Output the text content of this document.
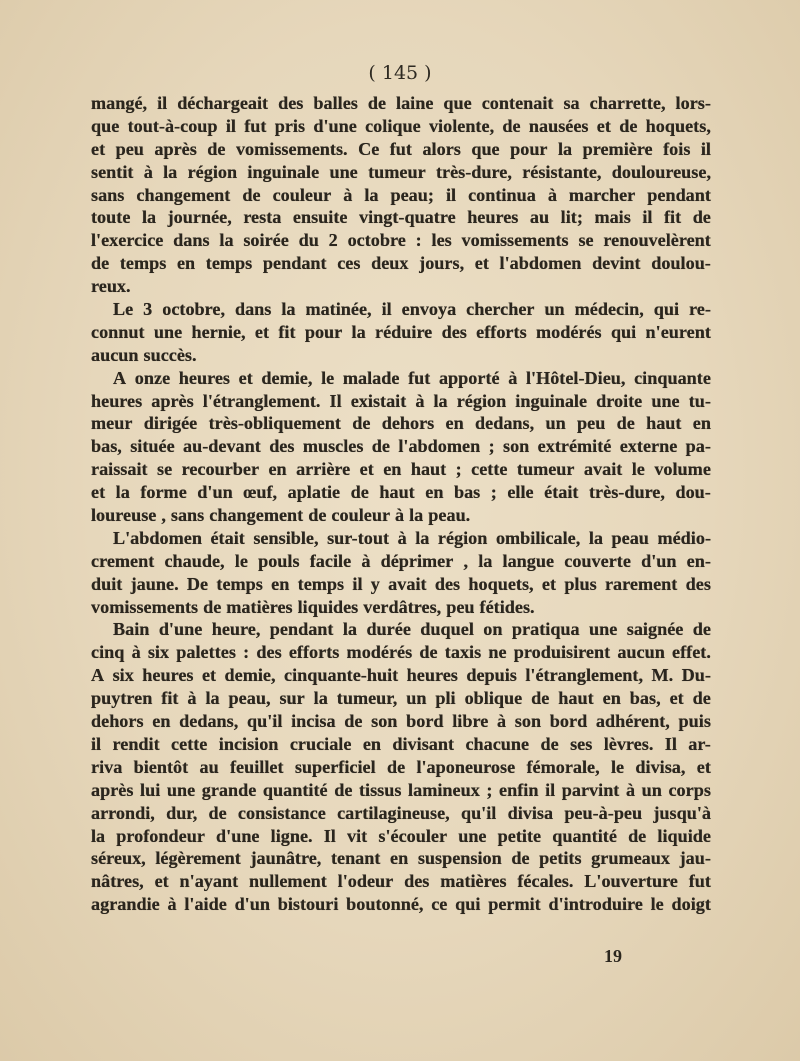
( 145 )
mangé, il déchargeait des balles de laine que contenait sa charrette, lors-
que tout-à-coup il fut pris d'une colique violente, de nausées et de hoquets,
et peu après de vomissements. Ce fut alors que pour la première fois il
sentit à la région inguinale une tumeur très-dure, résistante, douloureuse,
sans changement de couleur à la peau; il continua à marcher pendant
toute la journée, resta ensuite vingt-quatre heures au lit; mais il fit de
l'exercice dans la soirée du 2 octobre : les vomissements se renouvelèrent
de temps en temps pendant ces deux jours, et l'abdomen devint doulou-
reux.
Le 3 octobre, dans la matinée, il envoya chercher un médecin, qui re-
connut une hernie, et fit pour la réduire des efforts modérés qui n'eurent
aucun succès.
A onze heures et demie, le malade fut apporté à l'Hôtel-Dieu, cinquante
heures après l'étranglement. Il existait à la région inguinale droite une tu-
meur dirigée très-obliquement de dehors en dedans, un peu de haut en
bas, située au-devant des muscles de l'abdomen ; son extrémité externe pa-
raissait se recourber en arrière et en haut ; cette tumeur avait le volume
et la forme d'un œuf, aplatie de haut en bas ; elle était très-dure, dou-
loureuse , sans changement de couleur à la peau.
L'abdomen était sensible, sur-tout à la région ombilicale, la peau médio-
crement chaude, le pouls facile à déprimer , la langue couverte d'un en-
duit jaune. De temps en temps il y avait des hoquets, et plus rarement des
vomissements de matières liquides verdâtres, peu fétides.
Bain d'une heure, pendant la durée duquel on pratiqua une saignée de
cinq à six palettes : des efforts modérés de taxis ne produisirent aucun effet.
A six heures et demie, cinquante-huit heures depuis l'étranglement, M. Du-
puytren fit à la peau, sur la tumeur, un pli oblique de haut en bas, et de
dehors en dedans, qu'il incisa de son bord libre à son bord adhérent, puis
il rendit cette incision cruciale en divisant chacune de ses lèvres. Il ar-
riva bientôt au feuillet superficiel de l'aponeurose fémorale, le divisa, et
après lui une grande quantité de tissus lamineux ; enfin il parvint à un corps
arrondi, dur, de consistance cartilagineuse, qu'il divisa peu-à-peu jusqu'à
la profondeur d'une ligne. Il vit s'écouler une petite quantité de liquide
séreux, légèrement jaunâtre, tenant en suspension de petits grumeaux jau-
nâtres, et n'ayant nullement l'odeur des matières fécales. L'ouverture fut
agrandie à l'aide d'un bistouri boutonné, ce qui permit d'introduire le doigt
19
